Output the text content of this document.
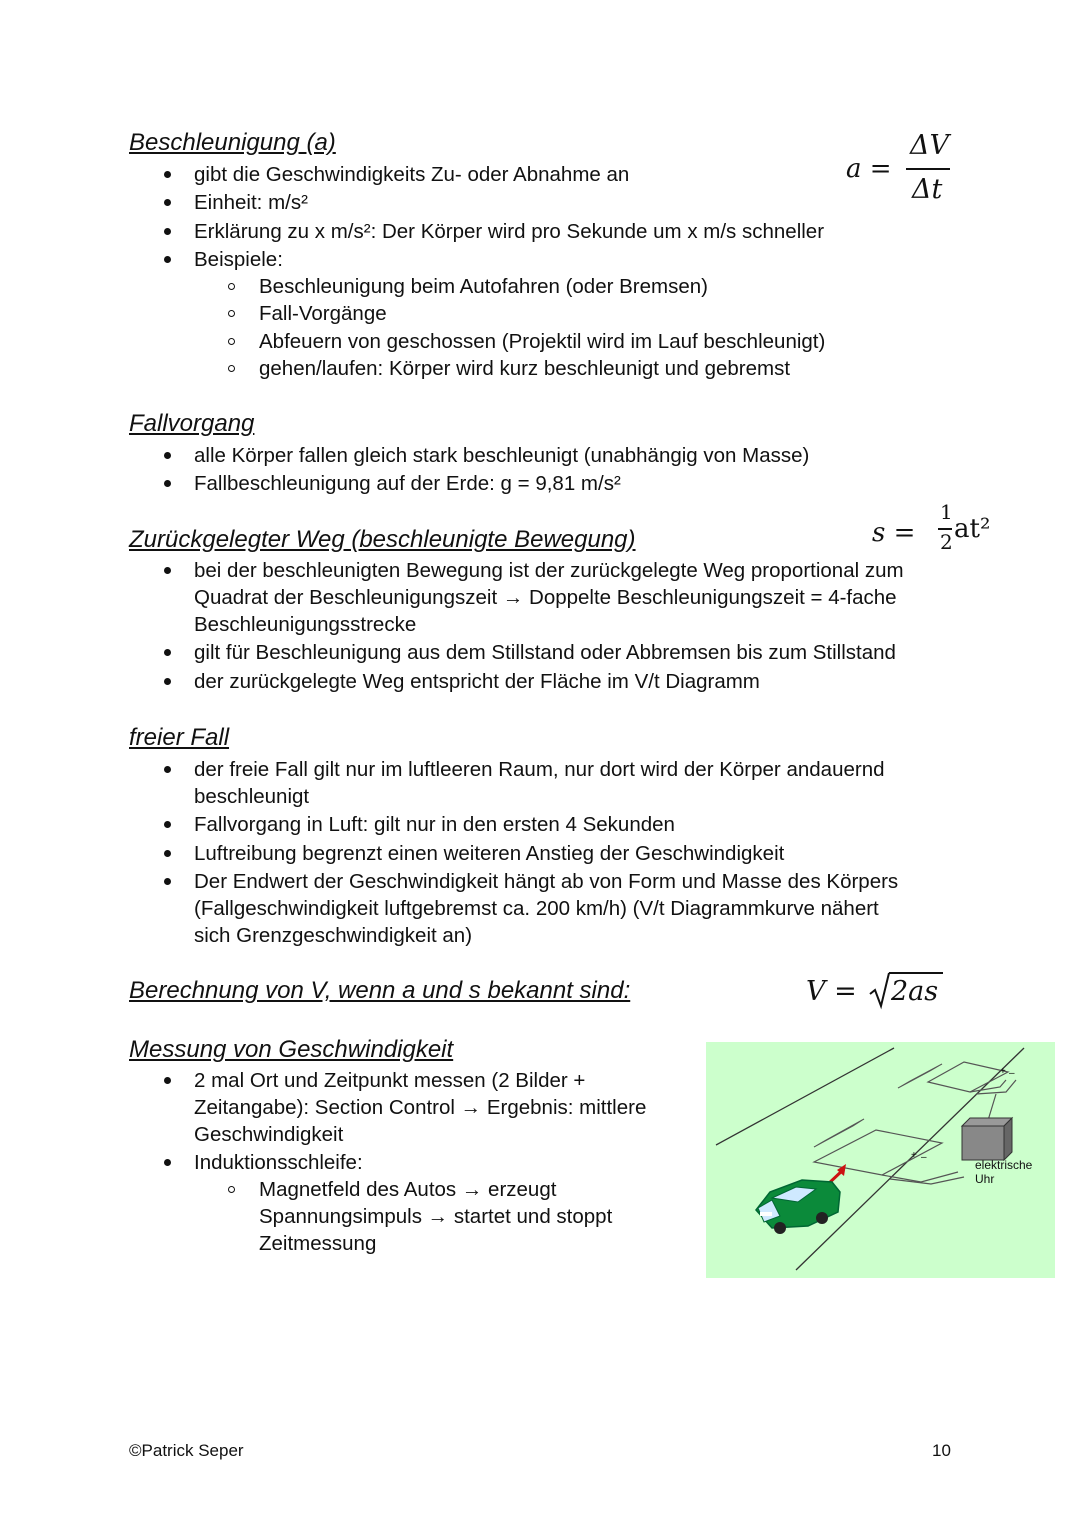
Beschleunigung (a)
gibt die Geschwindigkeits Zu- oder Abnahme an
Einheit: m/s²
Erklärung zu x m/s²: Der Körper wird pro Sekunde um x m/s schneller
Beispiele:
Beschleunigung beim Autofahren (oder Bremsen)
Fall-Vorgänge
Abfeuern von geschossen (Projektil wird im Lauf beschleunigt)
gehen/laufen: Körper wird kurz beschleunigt und gebremst
a =
ΔV
Δt
Fallvorgang
alle Körper fallen gleich stark beschleunigt (unabhängig von Masse)
Fallbeschleunigung auf der Erde: g = 9,81 m/s²
Zurückgelegter Weg (beschleunigte Bewegung)	s =
1
2 at²
bei der beschleunigten Bewegung ist der zurückgelegte Weg proportional zum
Quadrat der Beschleunigungszeit → Doppelte Beschleunigungszeit = 4-fache
Beschleunigungsstrecke
gilt für Beschleunigung aus dem Stillstand oder Abbremsen bis zum Stillstand
der zurückgelegte Weg entspricht der Fläche im V/t Diagramm
freier Fall
der freie Fall gilt nur im luftleeren Raum, nur dort wird der Körper andauernd
beschleunigt
Fallvorgang in Luft: gilt nur in den ersten 4 Sekunden
Luftreibung begrenzt einen weiteren Anstieg der Geschwindigkeit
Der Endwert der Geschwindigkeit hängt ab von Form und Masse des Körpers
(Fallgeschwindigkeit luftgebremst ca. 200 km/h) (V/t Diagrammkurve nähert
sich Grenzgeschwindigkeit an)
Berechnung von V, wenn a und s bekannt sind:	V = 2as
Messung von Geschwindigkeit
2 mal Ort und Zeitpunkt messen (2 Bilder +
Zeitangabe): Section Control → Ergebnis: mittlere
Geschwindigkeit
Induktionsschleife:
Magnetfeld des Autos → erzeugt
Spannungsimpuls → startet und stoppt
Zeitmessung
elektrische
Uhr
+ –
+ –
©Patrick Seper	10
